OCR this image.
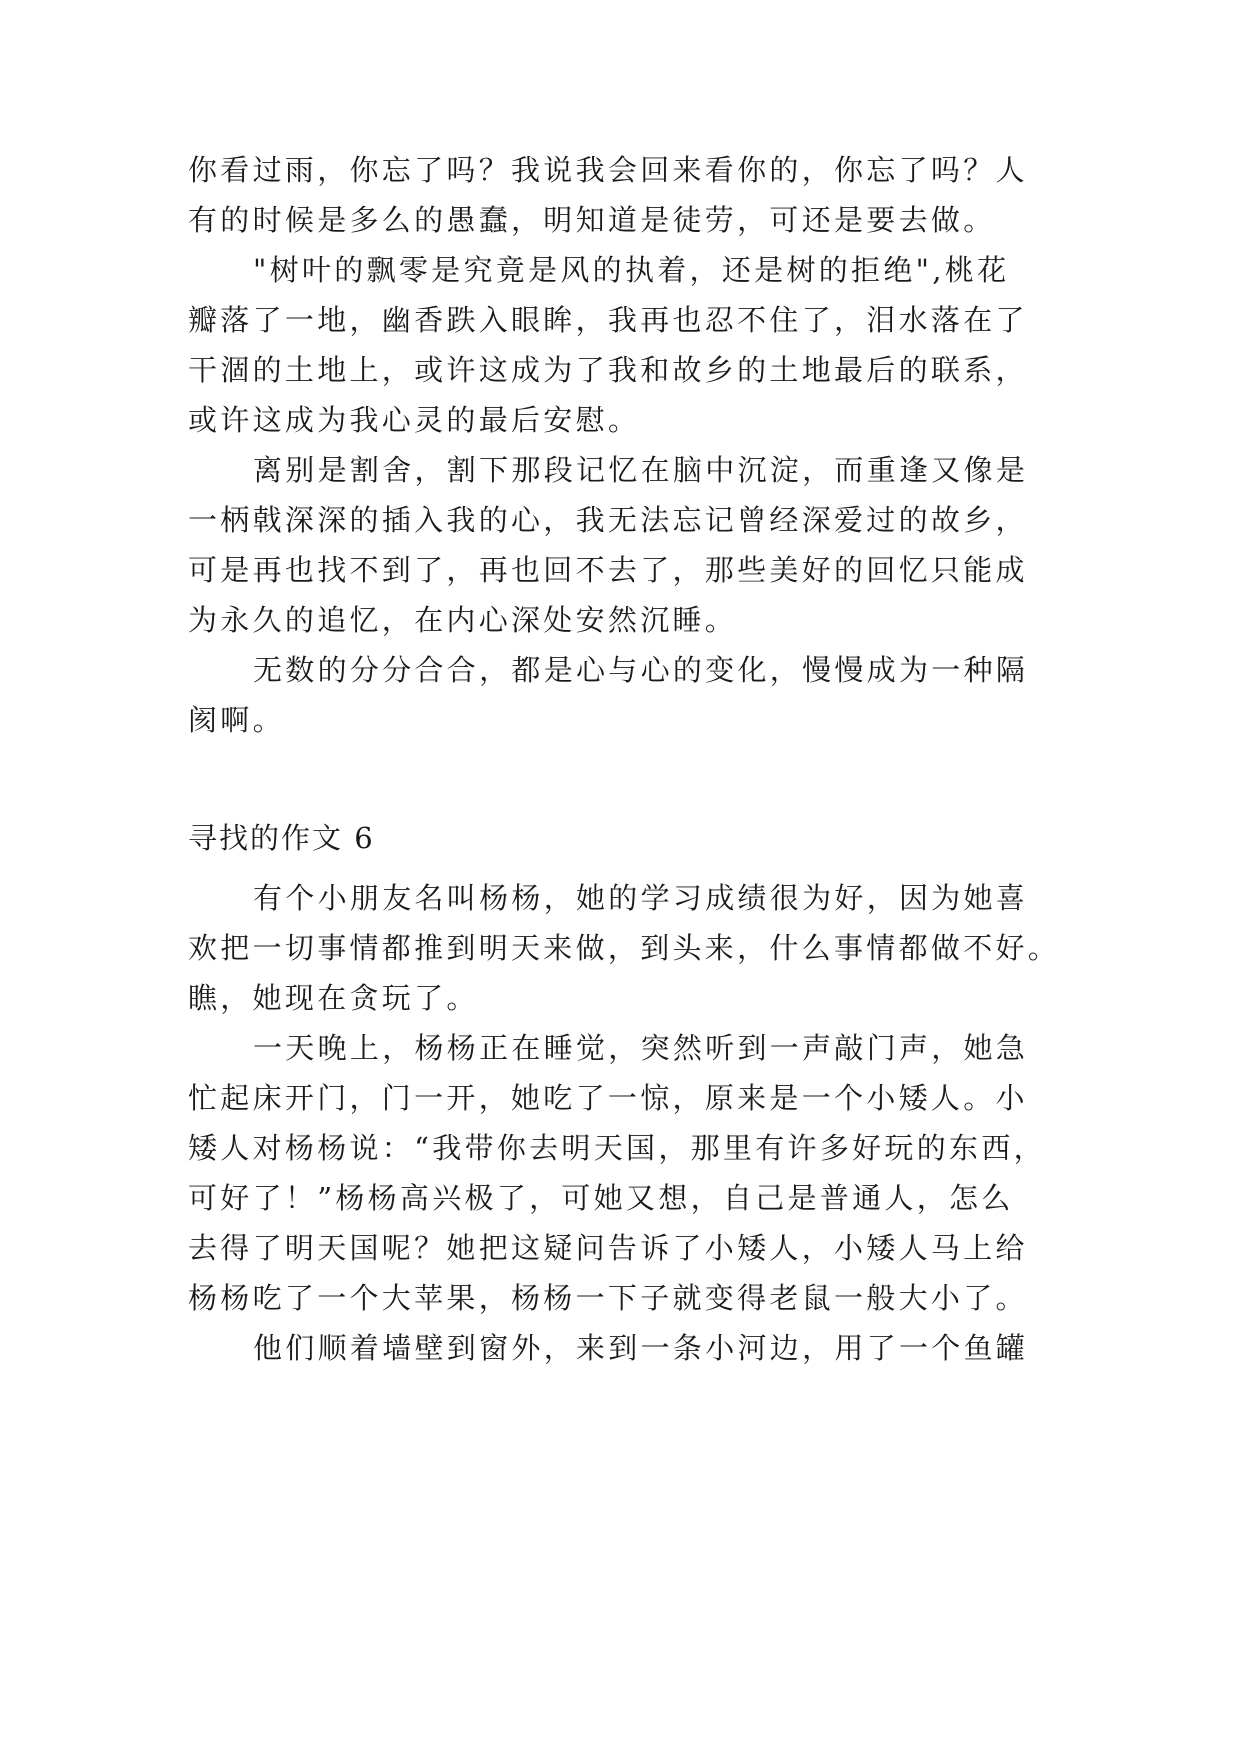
你看过雨，你忘了吗？我说我会回来看你的，你忘了吗？人

有的时候是多么的愚蠢，明知道是徒劳，可还是要去做。

"树叶的飘零是究竟是风的执着，还是树的拒绝",桃花

瓣落了一地，幽香跌入眼眸，我再也忍不住了，泪水落在了

干涸的土地上，或许这成为了我和故乡的土地最后的联系，

或许这成为我心灵的最后安慰。

离别是割舍，割下那段记忆在脑中沉淀，而重逢又像是

一柄戟深深的插入我的心，我无法忘记曾经深爱过的故乡，

可是再也找不到了，再也回不去了，那些美好的回忆只能成

为永久的追忆，在内心深处安然沉睡。

无数的分分合合，都是心与心的变化，慢慢成为一种隔

阂啊。

寻找的作文 6

有个小朋友名叫杨杨，她的学习成绩很为好，因为她喜

欢把一切事情都推到明天来做，到头来，什么事情都做不好。

瞧，她现在贪玩了。

一天晚上，杨杨正在睡觉，突然听到一声敲门声，她急

忙起床开门，门一开，她吃了一惊，原来是一个小矮人。小

矮人对杨杨说：“我带你去明天国，那里有许多好玩的东西，

可好了！”杨杨高兴极了，可她又想，自己是普通人，怎么

去得了明天国呢？她把这疑问告诉了小矮人，小矮人马上给

杨杨吃了一个大苹果，杨杨一下子就变得老鼠一般大小了。

他们顺着墙壁到窗外，来到一条小河边，用了一个鱼罐
